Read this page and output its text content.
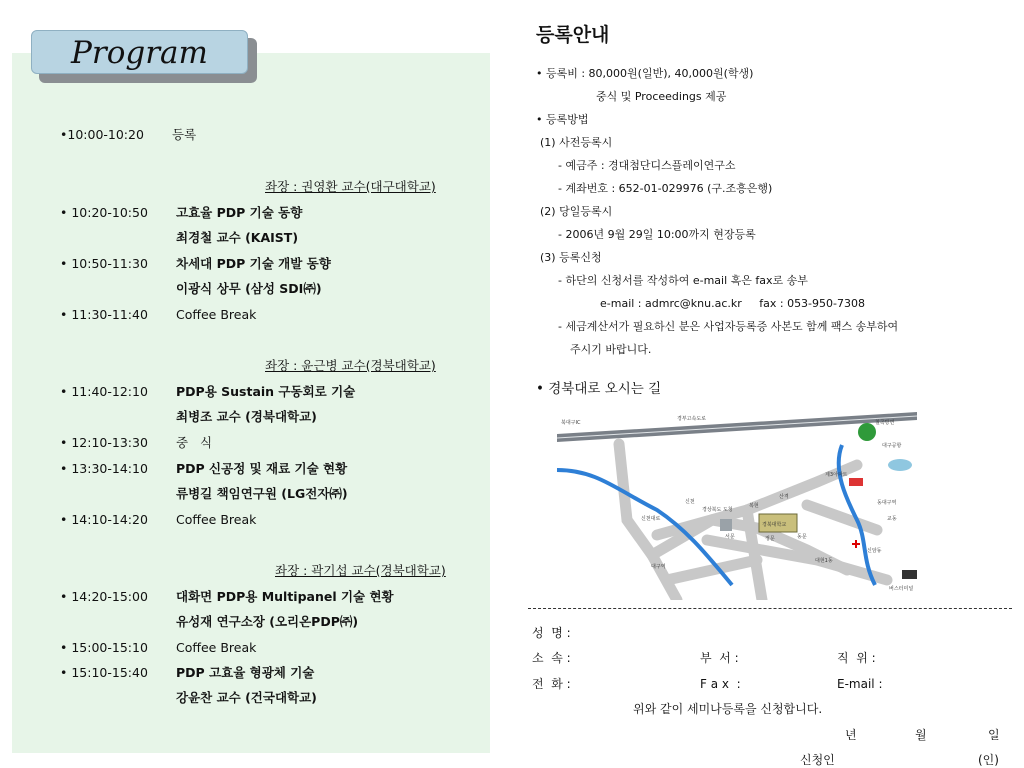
Program
•10:00-10:20 등록
좌장 : 권영환 교수(대구대학교)
• 10:20-10:50 고효율 PDP 기술 동향
최경철 교수 (KAIST)
• 10:50-11:30 차세대 PDP 기술 개발 동향
이광식 상무 (삼성 SDI㈜)
• 11:30-11:40 Coffee Break
좌장 : 윤근병 교수(경북대학교)
• 11:40-12:10 PDP용 Sustain 구동회로 기술
최병조 교수 (경북대학교)
• 12:10-13:30 중   식
• 13:30-14:10 PDP 신공정 및 재료 기술 현황
류병길 책임연구원 (LG전자㈜)
• 14:10-14:20 Coffee Break
좌장 : 곽기섭 교수(경북대학교)
• 14:20-15:00 대화면 PDP용 Multipanel 기술 현황
유성재 연구소장 (오리온PDP㈜)
• 15:00-15:10 Coffee Break
• 15:10-15:40 PDP 고효율 형광체 기술
강윤찬 교수 (건국대학교)
등록안내
• 등록비 : 80,000원(일반), 40,000원(학생)
중식 및 Proceedings 제공
• 등록방법
(1) 사전등록시
- 예금주 : 경대첨단디스플레이연구소
- 계좌번호 : 652-01-029976 (구.조흥은행)
(2) 당일등록시
- 2006년 9월 29일 10:00까지 현장등록
(3) 등록신청
- 하단의 신청서를 작성하여 e-mail 혹은 fax로 송부
e-mail : admrc@knu.ac.kr     fax : 053-950-7308
- 세금계산서가 필요하신 분은 사업자등록증 사본도 함께 팩스 송부하여
주시기 바랍니다.
• 경북대로 오시는 길
북대구IC
경부고속도로
칠곡방면
대구공항
신천대로
경상북도 도청
복현
제3아파트
동대구역
산격
신천
서문	정문	동문
경북대학교
대현1동
신암동
대구역
교동
버스터미널
성  명 :
소  속 :	부  서 :	직  위 :
전  화 :	F a x  :	E-mail :
위와 같이 세미나등록을 신청합니다.
년	월	일
신청인	(인)
